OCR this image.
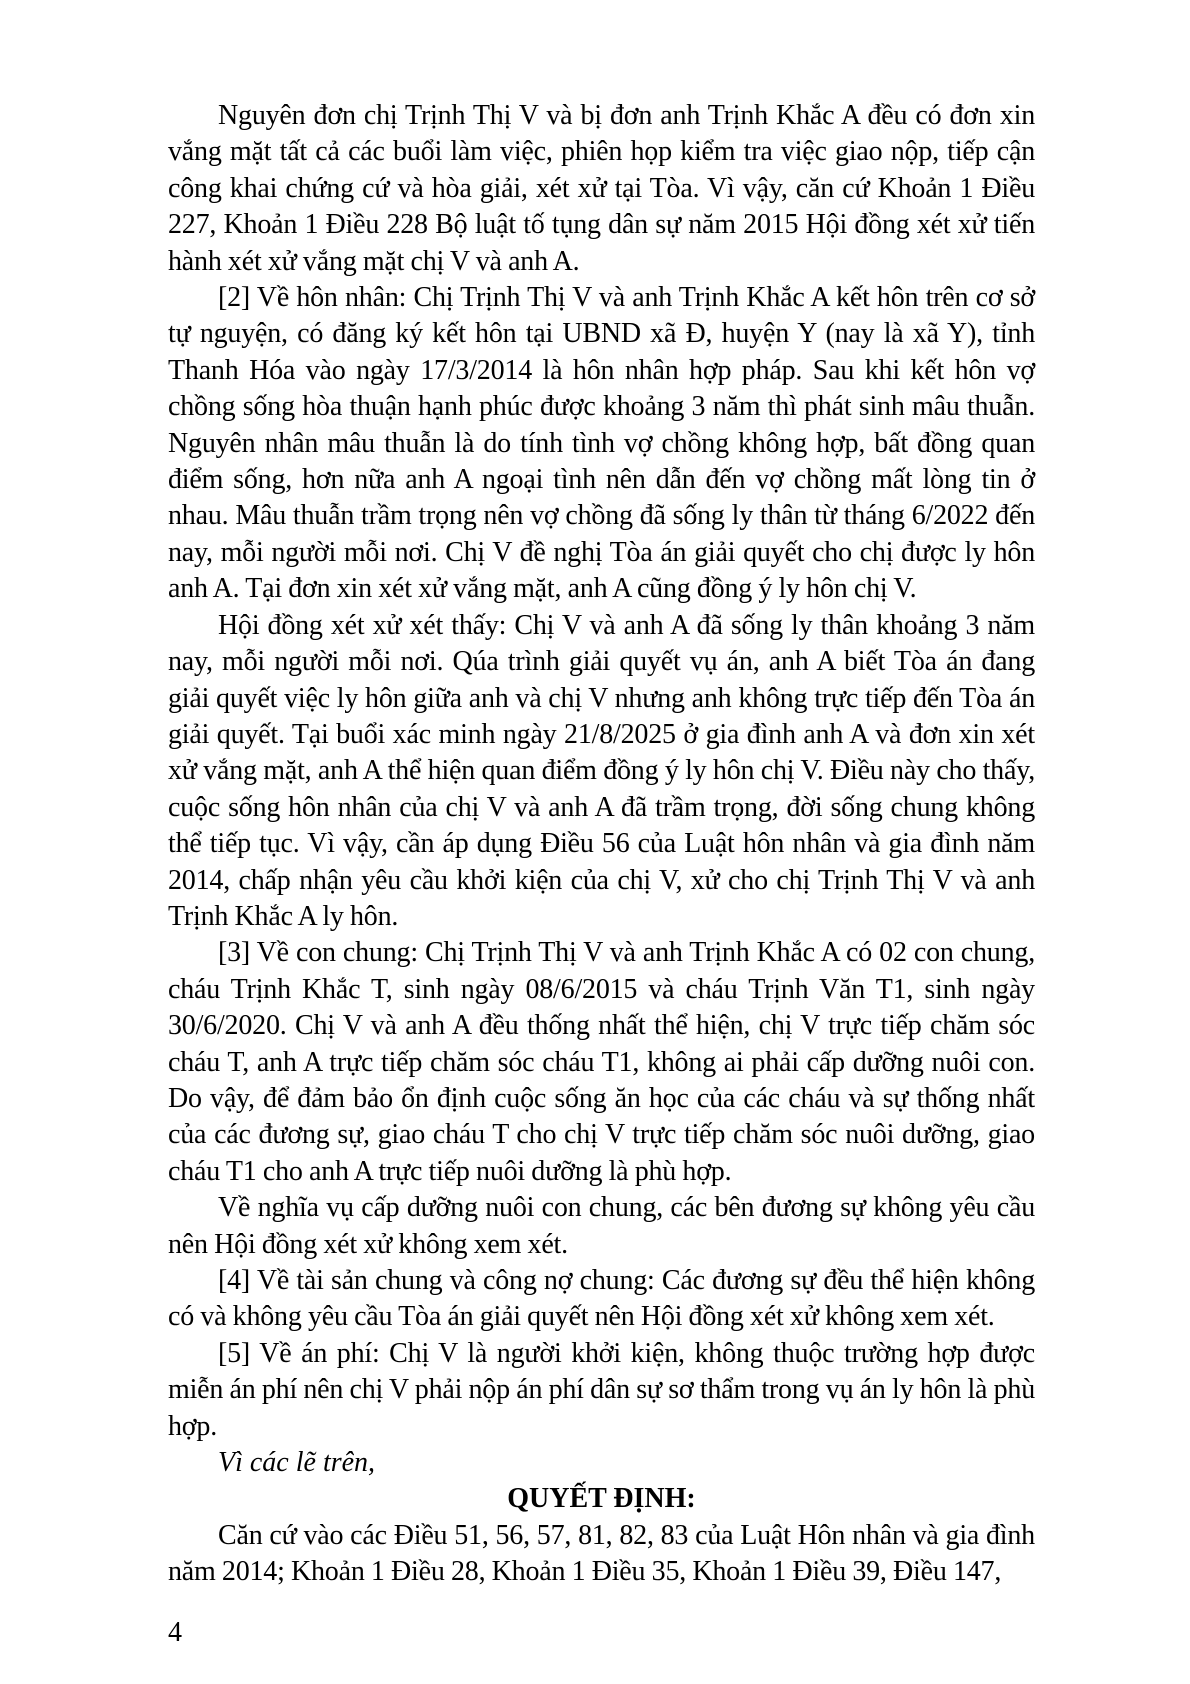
Nguyên đơn chị Trịnh Thị V và bị đơn anh Trịnh Khắc A đều có đơn xin vắng mặt tất cả các buổi làm việc, phiên họp kiểm tra việc giao nộp, tiếp cận công khai chứng cứ và hòa giải, xét xử tại Tòa. Vì vậy, căn cứ Khoản 1 Điều 227, Khoản 1 Điều 228 Bộ luật tố tụng dân sự năm 2015 Hội đồng xét xử tiến hành xét xử vắng mặt chị V và anh A.

[2] Về hôn nhân: Chị Trịnh Thị V và anh Trịnh Khắc A kết hôn trên cơ sở tự nguyện, có đăng ký kết hôn tại UBND xã Đ, huyện Y (nay là xã Y), tỉnh Thanh Hóa vào ngày 17/3/2014 là hôn nhân hợp pháp. Sau khi kết hôn vợ chồng sống hòa thuận hạnh phúc được khoảng 3 năm thì phát sinh mâu thuẫn. Nguyên nhân mâu thuẫn là do tính tình vợ chồng không hợp, bất đồng quan điểm sống, hơn nữa anh A ngoại tình nên dẫn đến vợ chồng mất lòng tin ở nhau. Mâu thuẫn trầm trọng nên vợ chồng đã sống ly thân từ tháng 6/2022 đến nay, mỗi người mỗi nơi. Chị V đề nghị Tòa án giải quyết cho chị được ly hôn anh A. Tại đơn xin xét xử vắng mặt, anh A cũng đồng ý ly hôn chị V.

Hội đồng xét xử xét thấy: Chị V và anh A đã sống ly thân khoảng 3 năm nay, mỗi người mỗi nơi. Qúa trình giải quyết vụ án, anh A biết Tòa án đang giải quyết việc ly hôn giữa anh và chị V nhưng anh không trực tiếp đến Tòa án giải quyết. Tại buổi xác minh ngày 21/8/2025 ở gia đình anh A và đơn xin xét xử vắng mặt, anh A thể hiện quan điểm đồng ý ly hôn chị V. Điều này cho thấy, cuộc sống hôn nhân của chị V và anh A đã trầm trọng, đời sống chung không thể tiếp tục. Vì vậy, cần áp dụng Điều 56 của Luật hôn nhân và gia đình năm 2014, chấp nhận yêu cầu khởi kiện của chị V, xử cho chị Trịnh Thị V và anh Trịnh Khắc A ly hôn.

[3] Về con chung: Chị Trịnh Thị V và anh Trịnh Khắc A có 02 con chung, cháu Trịnh Khắc T, sinh ngày 08/6/2015 và cháu Trịnh Văn T1, sinh ngày 30/6/2020. Chị V và anh A đều thống nhất thể hiện, chị V trực tiếp chăm sóc cháu T, anh A trực tiếp chăm sóc cháu T1, không ai phải cấp dưỡng nuôi con. Do vậy, để đảm bảo ổn định cuộc sống ăn học của các cháu và sự thống nhất của các đương sự, giao cháu T cho chị V trực tiếp chăm sóc nuôi dưỡng, giao cháu T1 cho anh A trực tiếp nuôi dưỡng là phù hợp.

Về nghĩa vụ cấp dưỡng nuôi con chung, các bên đương sự không yêu cầu nên Hội đồng xét xử không xem xét.

[4] Về tài sản chung và công nợ chung: Các đương sự đều thể hiện không có và không yêu cầu Tòa án giải quyết nên Hội đồng xét xử không xem xét.

[5] Về án phí: Chị V là người khởi kiện, không thuộc trường hợp được miễn án phí nên chị V phải nộp án phí dân sự sơ thẩm trong vụ án ly hôn là phù hợp.

Vì các lẽ trên,

QUYẾT ĐỊNH:

Căn cứ vào các Điều 51, 56, 57, 81, 82, 83 của Luật Hôn nhân và gia đình năm 2014; Khoản 1 Điều 28, Khoản 1 Điều 35, Khoản 1 Điều 39, Điều 147,

4
